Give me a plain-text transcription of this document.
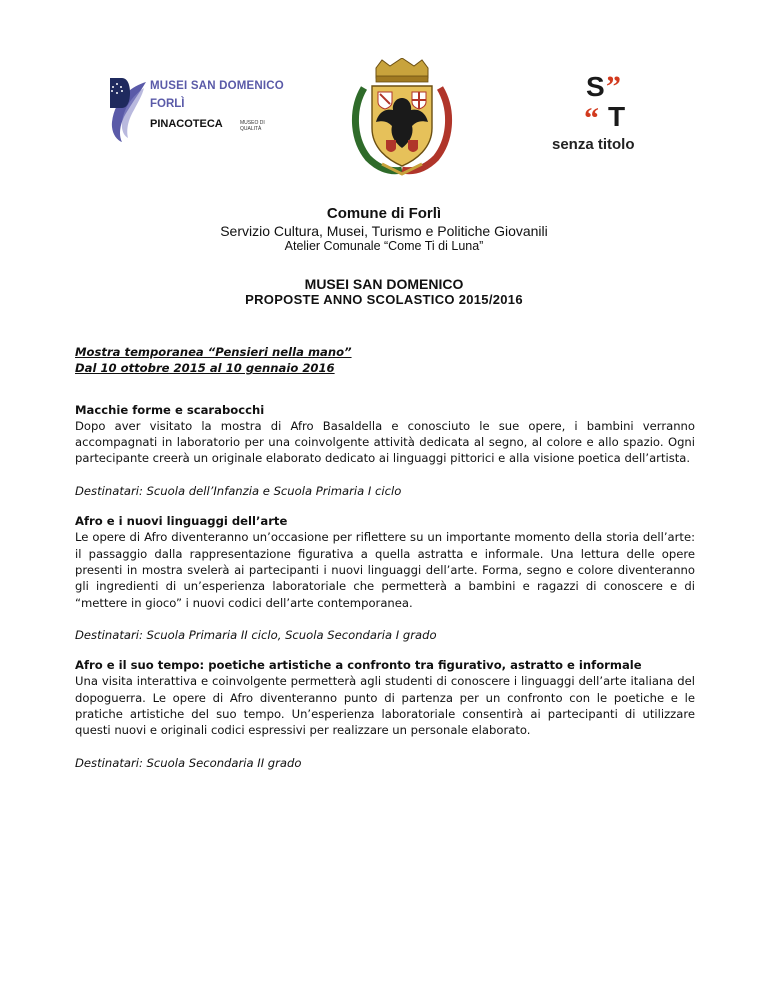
MUSEI SAN DOMENICO
FORLÌ
PINACOTECA	MUSEO DI QUALITÀ
S ”
“ T
senza titolo
Comune di Forlì
Servizio Cultura, Musei, Turismo e Politiche Giovanili
Atelier Comunale “Come Ti di Luna”
MUSEI SAN DOMENICO
PROPOSTE ANNO SCOLASTICO 2015/2016

Mostra temporanea “Pensieri nella mano”

Dal 10 ottobre 2015 al 10 gennaio 2016

Macchie forme e scarabocchi

Dopo aver visitato la mostra di Afro Basaldella e conosciuto le sue opere, i bambini verranno accompagnati in laboratorio per una coinvolgente attività dedicata al segno, al colore e allo spazio. Ogni partecipante creerà un originale elaborato dedicato ai linguaggi pittorici e alla visione poetica dell’artista.

Destinatari: Scuola dell’Infanzia e Scuola Primaria I ciclo

Afro e i nuovi linguaggi dell’arte

Le opere di Afro diventeranno un’occasione per riflettere su un importante momento della storia dell’arte: il passaggio dalla rappresentazione figurativa a quella astratta e informale. Una lettura delle opere presenti in mostra svelerà ai partecipanti i nuovi linguaggi dell’arte. Forma, segno e colore diventeranno gli ingredienti di un’esperienza laboratoriale che permetterà a bambini e ragazzi di conoscere e di “mettere in gioco” i nuovi codici dell’arte contemporanea.

Destinatari: Scuola Primaria II ciclo, Scuola Secondaria I grado

Afro e il suo tempo: poetiche artistiche a confronto tra figurativo, astratto e informale

Una visita interattiva e coinvolgente permetterà agli studenti di conoscere i linguaggi dell’arte italiana del dopoguerra. Le opere di Afro diventeranno punto di partenza per un confronto con le poetiche e le pratiche artistiche del suo tempo. Un’esperienza laboratoriale consentirà ai partecipanti di utilizzare questi nuovi e originali codici espressivi per realizzare un personale elaborato.

Destinatari: Scuola Secondaria II grado
